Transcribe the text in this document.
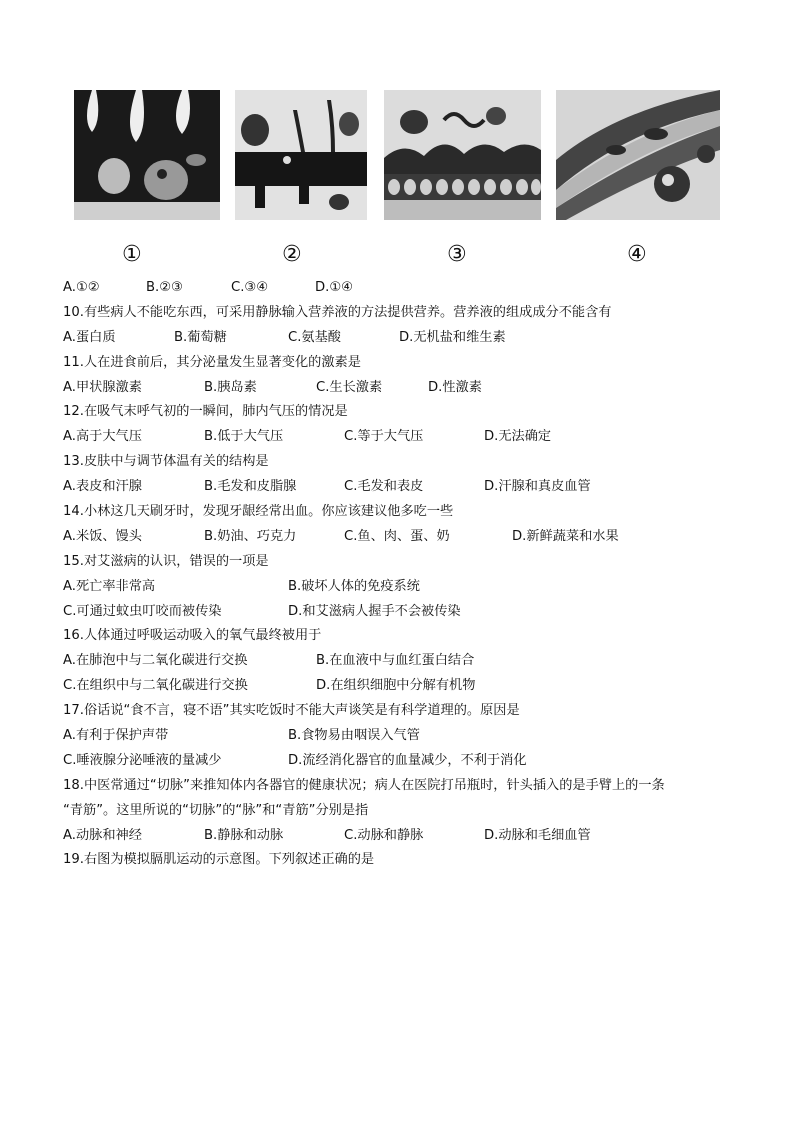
①	②	③	④
A.①②	B.②③	C.③④	D.①④
10.有些病人不能吃东西，可采用静脉输入营养液的方法提供营养。营养液的组成成分不能含有
A.蛋白质	B.葡萄糖	C.氨基酸	D.无机盐和维生素
11.人在进食前后，其分泌量发生显著变化的激素是
A.甲状腺激素	B.胰岛素	C.生长激素	D.性激素
12.在吸气末呼气初的一瞬间，肺内气压的情况是
A.高于大气压	B.低于大气压	C.等于大气压	D.无法确定
13.皮肤中与调节体温有关的结构是
A.表皮和汗腺	B.毛发和皮脂腺	C.毛发和表皮	D.汗腺和真皮血管
14.小林这几天刷牙时，发现牙龈经常出血。你应该建议他多吃一些
A.米饭、馒头	B.奶油、巧克力	C.鱼、肉、蛋、奶	D.新鲜蔬菜和水果
15.对艾滋病的认识，错误的一项是
A.死亡率非常高	B.破坏人体的免疫系统
C.可通过蚊虫叮咬而被传染	D.和艾滋病人握手不会被传染
16.人体通过呼吸运动吸入的氧气最终被用于
A.在肺泡中与二氧化碳进行交换	B.在血液中与血红蛋白结合
C.在组织中与二氧化碳进行交换	D.在组织细胞中分解有机物
17.俗话说“食不言，寝不语”其实吃饭时不能大声谈笑是有科学道理的。原因是
A.有利于保护声带	B.食物易由咽误入气管
C.唾液腺分泌唾液的量减少	D.流经消化器官的血量减少，不利于消化
18.中医常通过“切脉”来推知体内各器官的健康状况；病人在医院打吊瓶时，针头插入的是手臂上的一条
“青筋”。这里所说的“切脉”的“脉”和“青筋”分别是指
A.动脉和神经	B.静脉和动脉	C.动脉和静脉	D.动脉和毛细血管
19.右图为模拟膈肌运动的示意图。下列叙述正确的是
